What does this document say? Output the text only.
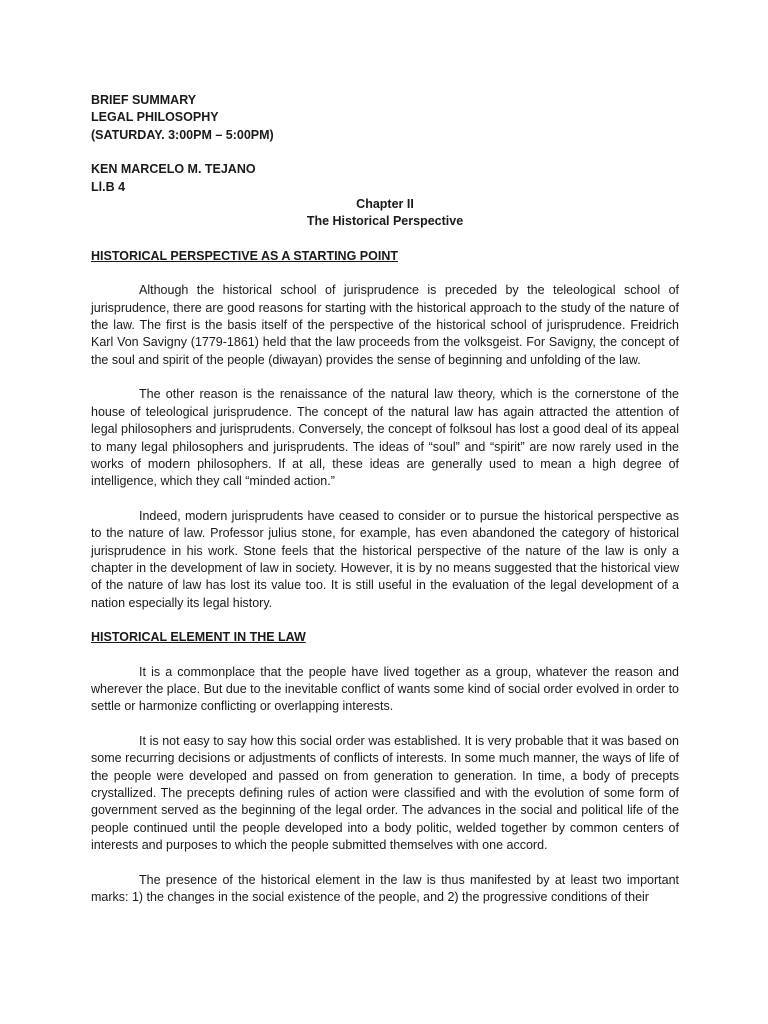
BRIEF SUMMARY
LEGAL PHILOSOPHY
(SATURDAY. 3:00PM – 5:00PM)
KEN MARCELO M. TEJANO
Ll.B 4
Chapter II
The Historical Perspective
HISTORICAL PERSPECTIVE AS A STARTING POINT

Although the historical school of jurisprudence is preceded by the teleological school of jurisprudence, there are good reasons for starting with the historical approach to the study of the nature of the law. The first is the basis itself of the perspective of the historical school of jurisprudence. Freidrich Karl Von Savigny (1779-1861) held that the law proceeds from the volksgeist. For Savigny, the concept of the soul and spirit of the people (diwayan) provides the sense of beginning and unfolding of the law.

The other reason is the renaissance of the natural law theory, which is the cornerstone of the house of teleological jurisprudence. The concept of the natural law has again attracted the attention of legal philosophers and jurisprudents. Conversely, the concept of folksoul has lost a good deal of its appeal to many legal philosophers and jurisprudents. The ideas of “soul” and “spirit” are now rarely used in the works of modern philosophers. If at all, these ideas are generally used to mean a high degree of intelligence, which they call “minded action.”

Indeed, modern jurisprudents have ceased to consider or to pursue the historical perspective as to the nature of law. Professor julius stone, for example, has even abandoned the category of historical jurisprudence in his work. Stone feels that the historical perspective of the nature of the law is only a chapter in the development of law in society. However, it is by no means suggested that the historical view of the nature of law has lost its value too. It is still useful in the evaluation of the legal development of a nation especially its legal history.

HISTORICAL ELEMENT IN THE LAW

It is a commonplace that the people have lived together as a group, whatever the reason and wherever the place. But due to the inevitable conflict of wants some kind of social order evolved in order to settle or harmonize conflicting or overlapping interests.

It is not easy to say how this social order was established. It is very probable that it was based on some recurring decisions or adjustments of conflicts of interests. In some much manner, the ways of life of the people were developed and passed on from generation to generation. In time, a body of precepts crystallized. The precepts defining rules of action were classified and with the evolution of some form of government served as the beginning of the legal order. The advances in the social and political life of the people continued until the people developed into a body politic, welded together by common centers of interests and purposes to which the people submitted themselves with one accord.

The presence of the historical element in the law is thus manifested by at least two important marks: 1) the changes in the social existence of the people, and 2) the progressive conditions of their
